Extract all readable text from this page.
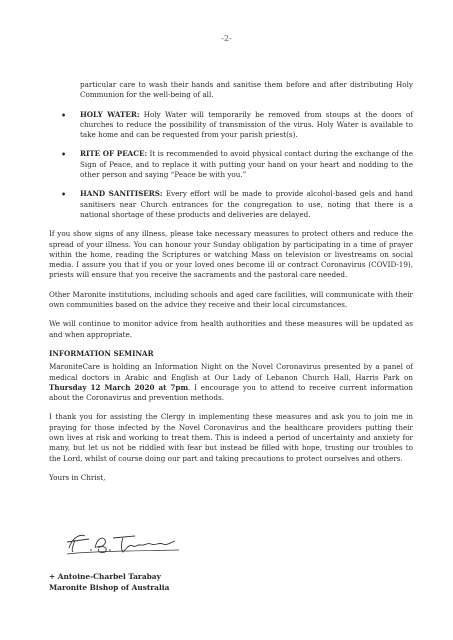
-2-

particular care to wash their hands and sanitise them before and after distributing Holy Communion for the well-being of all.

• HOLY WATER: Holy Water will temporarily be removed from stoups at the doors of churches to reduce the possibility of transmission of the virus. Holy Water is available to take home and can be requested from your parish priest(s).
• RITE OF PEACE: It is recommended to avoid physical contact during the exchange of the Sign of Peace, and to replace it with putting your hand on your heart and nodding to the other person and saying “Peace be with you.”
• HAND SANITISERS: Every effort will be made to provide alcohol-based gels and hand sanitisers near Church entrances for the congregation to use, noting that there is a national shortage of these products and deliveries are delayed.

If you show signs of any illness, please take necessary measures to protect others and reduce the spread of your illness. You can honour your Sunday obligation by participating in a time of prayer within the home, reading the Scriptures or watching Mass on television or livestreams on social media. I assure you that if you or your loved ones become ill or contract Coronavirus (COVID-19), priests will ensure that you receive the sacraments and the pastoral care needed.

Other Maronite institutions, including schools and aged care facilities, will communicate with their own communities based on the advice they receive and their local circumstances.

We will continue to monitor advice from health authorities and these measures will be updated as and when appropriate.

INFORMATION SEMINAR

MaroniteCare is holding an Information Night on the Novel Coronavirus presented by a panel of medical doctors in Arabic and English at Our Lady of Lebanon Church Hall, Harris Park on Thursday 12 March 2020 at 7pm. I encourage you to attend to receive current information about the Coronavirus and prevention methods.

I thank you for assisting the Clergy in implementing these measures and ask you to join me in praying for those infected by the Novel Coronavirus and the healthcare providers putting their own lives at risk and working to treat them. This is indeed a period of uncertainty and anxiety for many, but let us not be riddled with fear but instead be filled with hope, trusting our troubles to the Lord, whilst of course doing our part and taking precautions to protect ourselves and others.

Yours in Christ,

+ Antoine-Charbel Tarabay
Maronite Bishop of Australia
